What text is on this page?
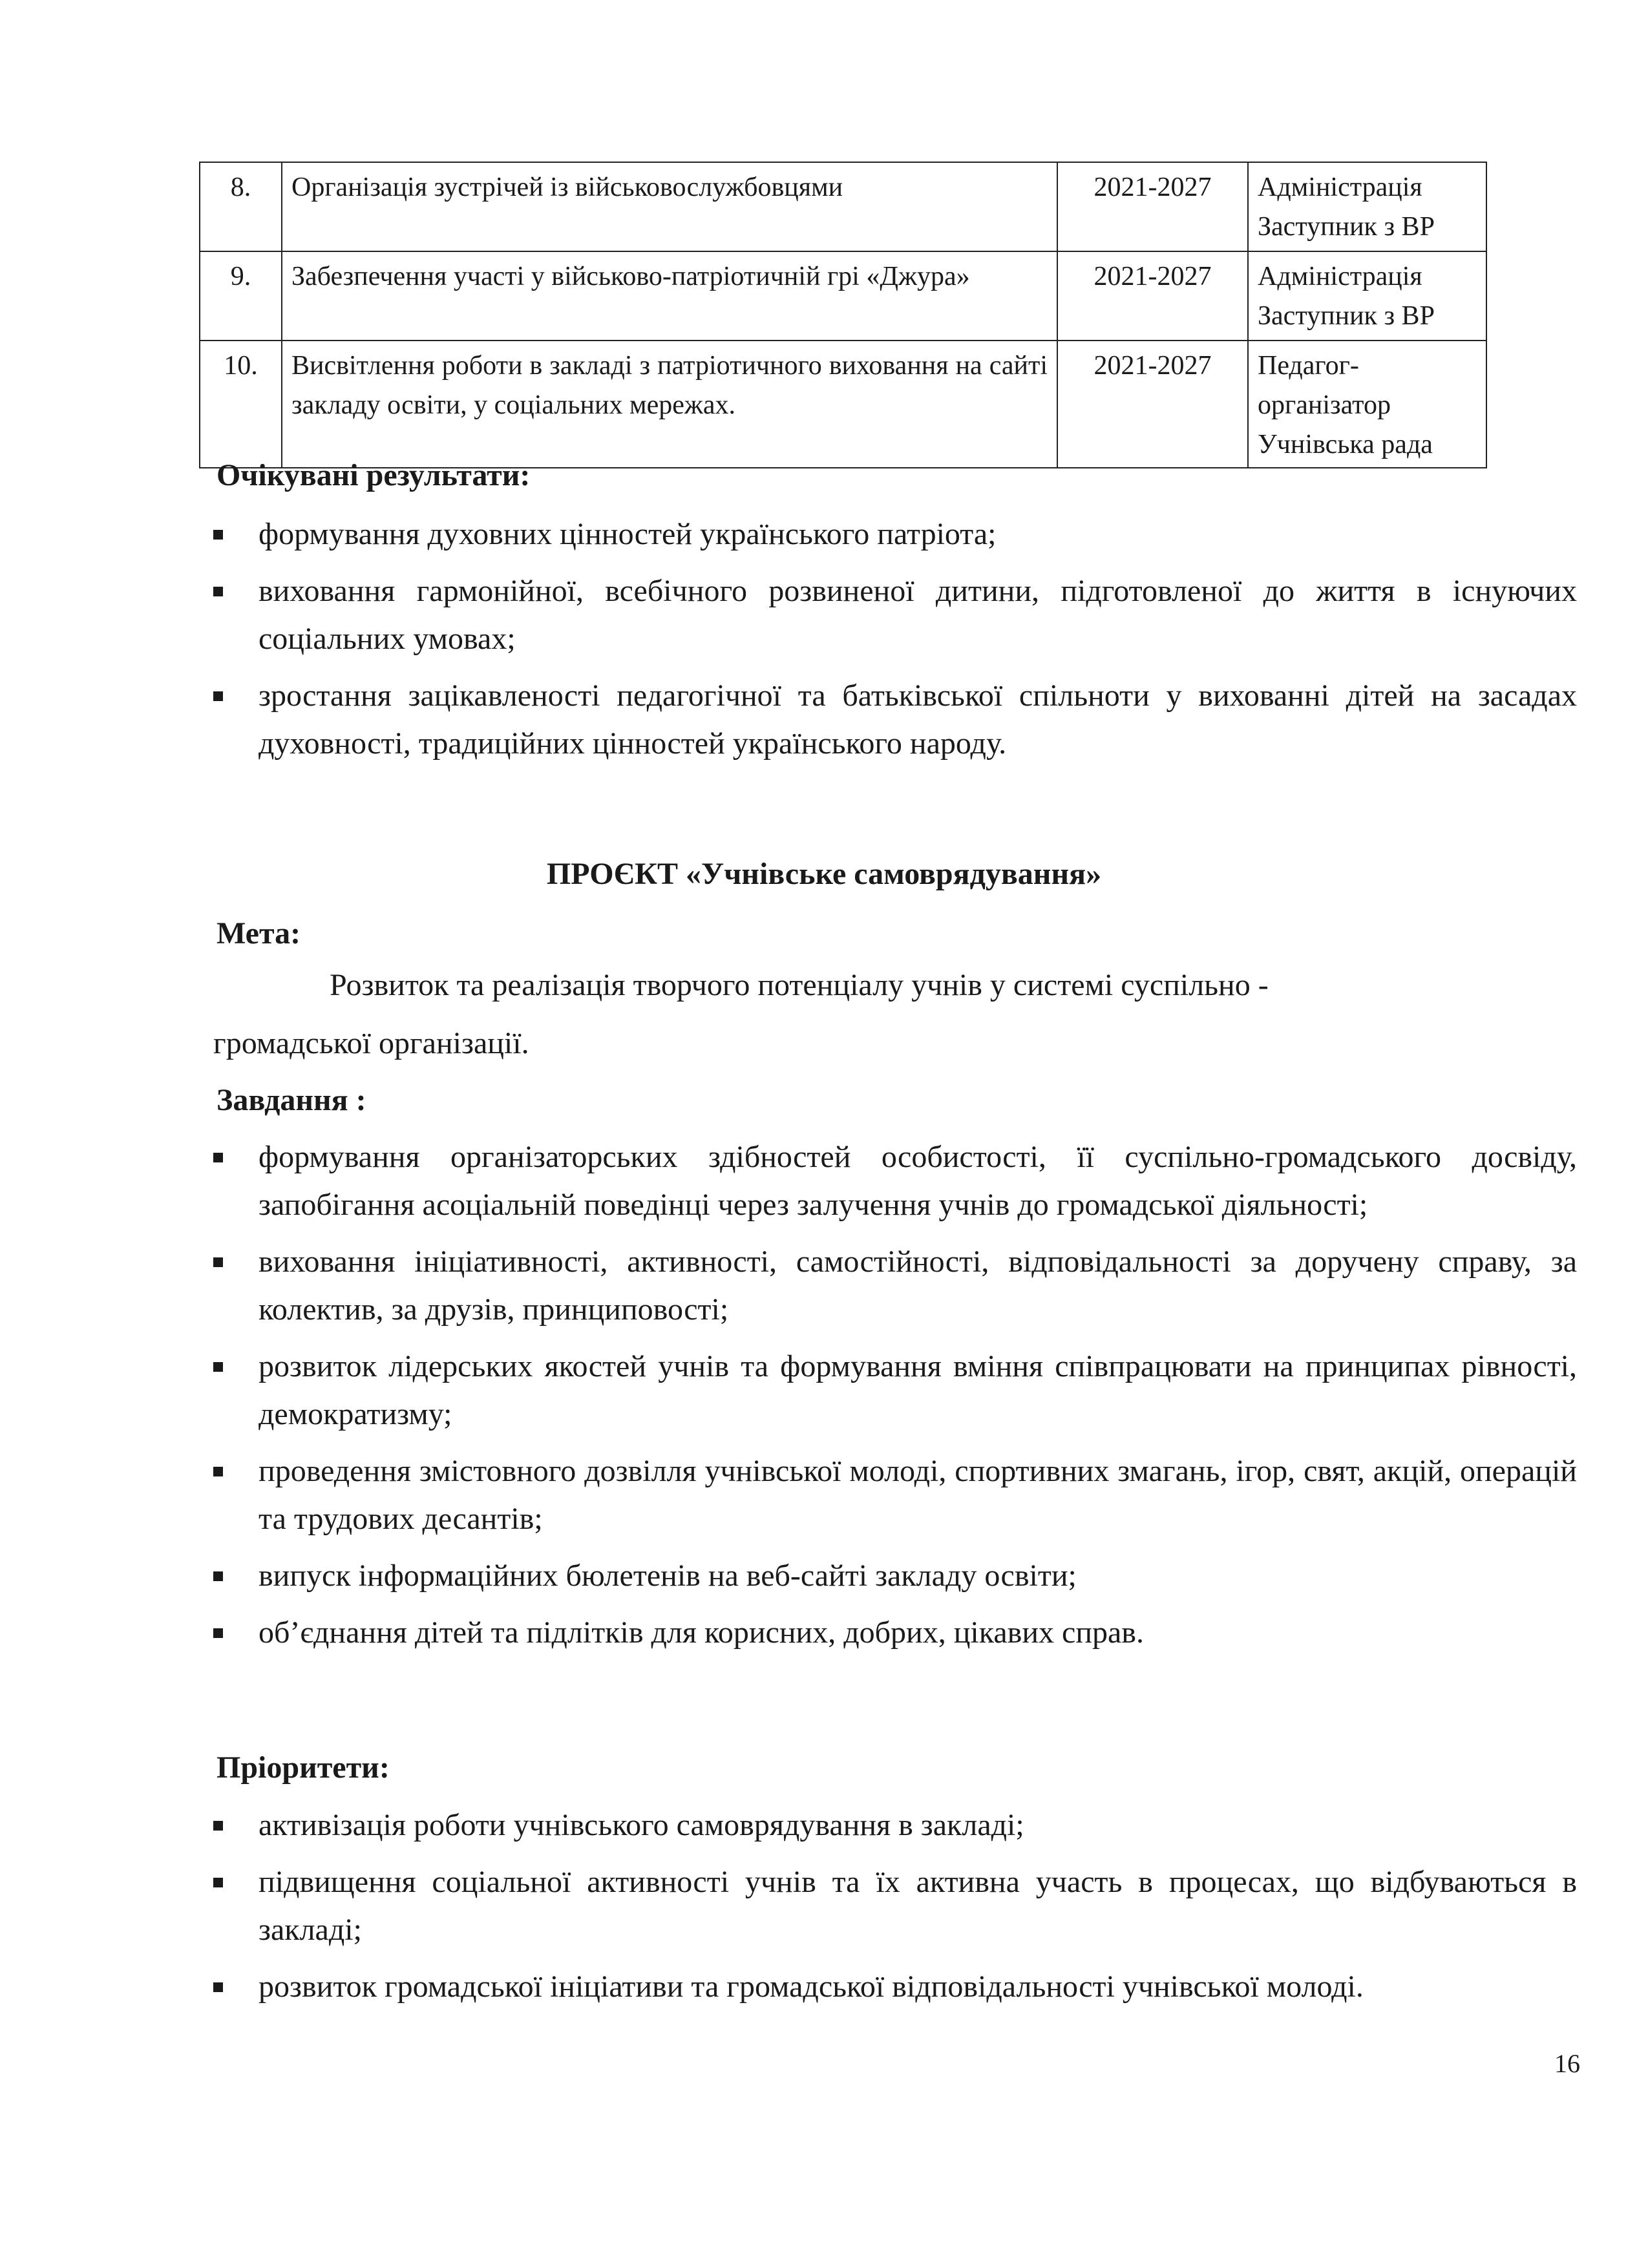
8.	Організація зустрічей із військовослужбовцями	2021-2027	Адміністрація Заступник з ВР
9.	Забезпечення участі у військово-патріотичній грі «Джура»	2021-2027	Адміністрація Заступник з ВР
10.	Висвітлення роботи в закладі з патріотичного виховання на сайті закладу освіти, у соціальних мережах.	2021-2027	Педагог-організатор Учнівська рада
Очікувані результати:
формування духовних цінностей українського патріота;
виховання гармонійної, всебічного розвиненої дитини, підготовленої до життя в існуючих соціальних умовах;
зростання зацікавленості педагогічної та батьківської спільноти у вихованні дітей на засадах духовності, традиційних цінностей українського народу.
ПРОЄКТ «Учнівське самоврядування»
Мета:
Розвиток та реалізація творчого потенціалу учнів у системі суспільно -
громадської організації.
Завдання :
формування організаторських здібностей особистості, її суспільно-громадського досвіду, запобігання асоціальній поведінці через залучення учнів до громадської діяльності;
виховання ініціативності, активності, самостійності, відповідальності за доручену справу, за колектив, за друзів, принциповості;
розвиток лідерських якостей учнів та формування вміння співпрацювати на принципах рівності, демократизму;
проведення змістовного дозвілля учнівської молоді, спортивних змагань, ігор, свят, акцій, операцій та трудових десантів;
випуск інформаційних бюлетенів на веб-сайті закладу освіти;
об’єднання дітей та підлітків для корисних, добрих, цікавих справ.
Пріоритети:
активізація роботи учнівського самоврядування в закладі;
підвищення соціальної активності учнів та їх активна участь в процесах, що відбуваються в закладі;
розвиток громадської ініціативи та громадської відповідальності учнівської молоді.
16
